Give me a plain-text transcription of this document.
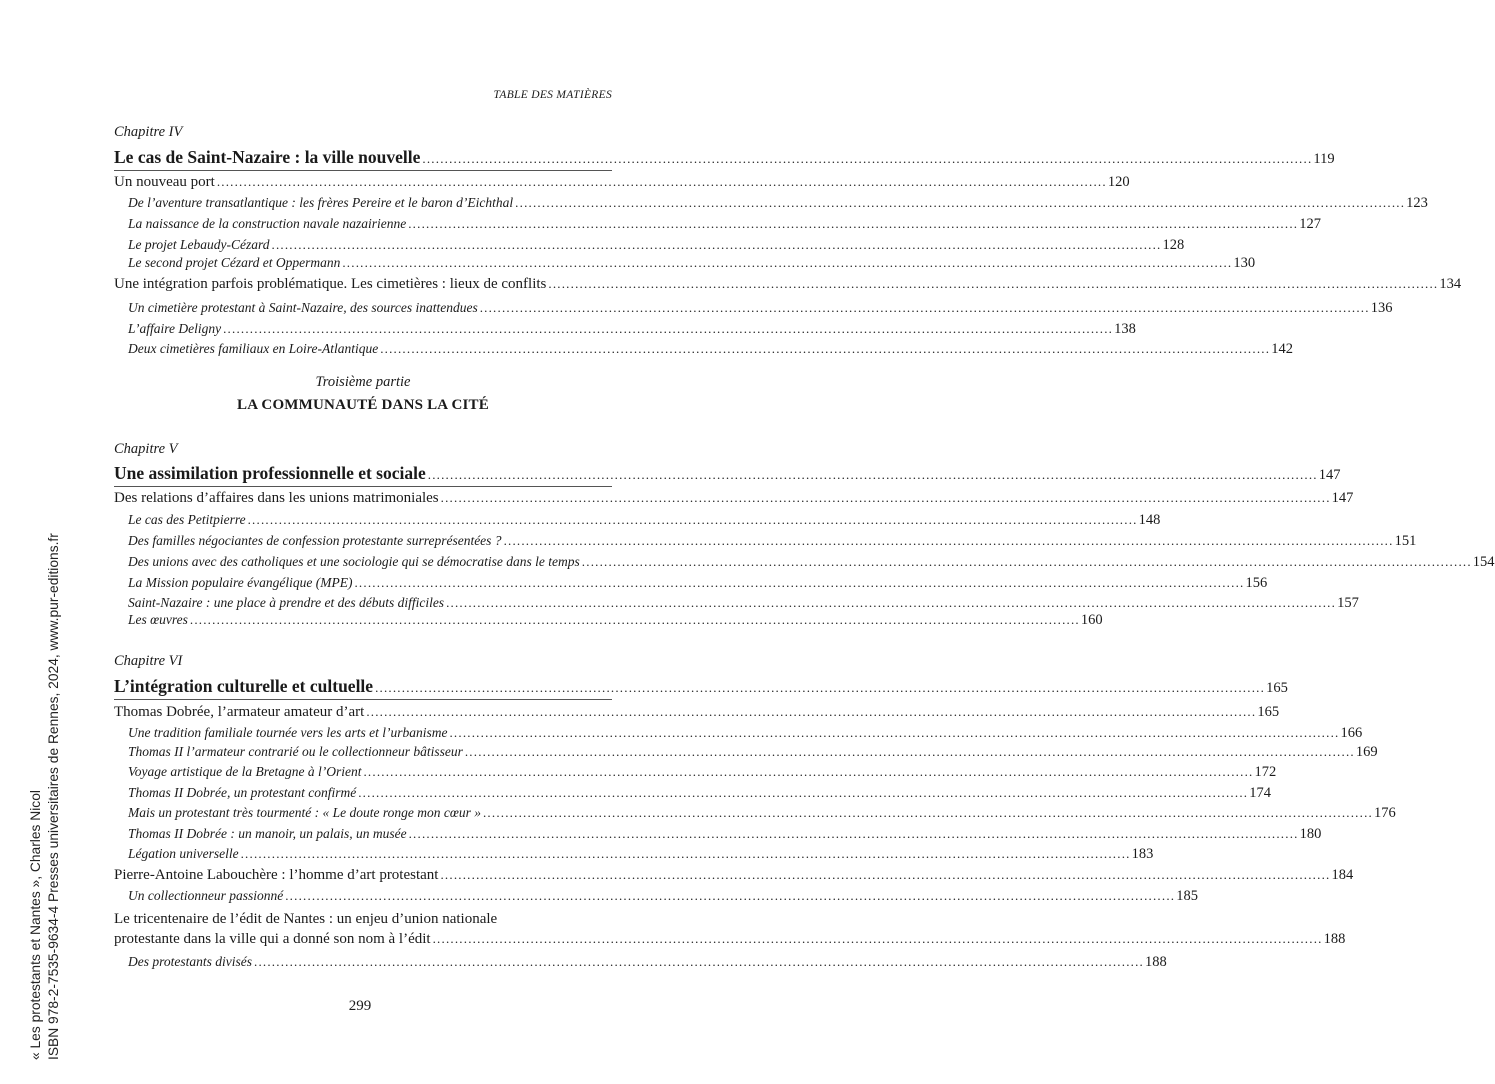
TABLE DES MATIÈRES
Chapitre IV
Le cas de Saint-Nazaire : la ville nouvelle ........................................................................................................................................................................................................ 119
Un nouveau port ........................................................................................................................................................................................................ 120
De l’aventure transatlantique : les frères Pereire et le baron d’Eichthal ........................................................................................................................................................................................................ 123
La naissance de la construction navale nazairienne ........................................................................................................................................................................................................ 127
Le projet Lebaudy-Cézard ........................................................................................................................................................................................................ 128
Le second projet Cézard et Oppermann ........................................................................................................................................................................................................ 130
Une intégration parfois problématique. Les cimetières : lieux de conflits ........................................................................................................................................................................................................ 134
Un cimetière protestant à Saint-Nazaire, des sources inattendues ........................................................................................................................................................................................................ 136
L’affaire Deligny ........................................................................................................................................................................................................ 138
Deux cimetières familiaux en Loire-Atlantique ........................................................................................................................................................................................................ 142
Troisième partie
LA COMMUNAUTÉ DANS LA CITÉ
Chapitre V
Une assimilation professionnelle et sociale ........................................................................................................................................................................................................ 147
Des relations d’affaires dans les unions matrimoniales ........................................................................................................................................................................................................ 147
Le cas des Petitpierre ........................................................................................................................................................................................................ 148
Des familles négociantes de confession protestante surreprésentées ? ........................................................................................................................................................................................................ 151
Des unions avec des catholiques et une sociologie qui se démocratise dans le temps ........................................................................................................................................................................................................ 154
La Mission populaire évangélique (MPE) ........................................................................................................................................................................................................ 156
Saint-Nazaire : une place à prendre et des débuts difficiles ........................................................................................................................................................................................................ 157
Les œuvres ........................................................................................................................................................................................................ 160
Chapitre VI
L’intégration culturelle et cultuelle ........................................................................................................................................................................................................ 165
Thomas Dobrée, l’armateur amateur d’art ........................................................................................................................................................................................................ 165
Une tradition familiale tournée vers les arts et l’urbanisme ........................................................................................................................................................................................................ 166
Thomas II l’armateur contrarié ou le collectionneur bâtisseur ........................................................................................................................................................................................................ 169
Voyage artistique de la Bretagne à l’Orient ........................................................................................................................................................................................................ 172
Thomas II Dobrée, un protestant confirmé ........................................................................................................................................................................................................ 174
Mais un protestant très tourmenté : « Le doute ronge mon cœur » ........................................................................................................................................................................................................ 176
Thomas II Dobrée : un manoir, un palais, un musée ........................................................................................................................................................................................................ 180
Légation universelle ........................................................................................................................................................................................................ 183
Pierre-Antoine Labouchère : l’homme d’art protestant ........................................................................................................................................................................................................ 184
Un collectionneur passionné ........................................................................................................................................................................................................ 185
Le tricentenaire de l’édit de Nantes : un enjeu d’union nationale
protestante dans la ville qui a donné son nom à l’édit ........................................................................................................................................................................................................ 188
Des protestants divisés ........................................................................................................................................................................................................ 188
299
« Les protestants et Nantes », Charles Nicol ISBN 978-2-7535-9634-4 Presses universitaires de Rennes, 2024, www.pur-editions.fr
